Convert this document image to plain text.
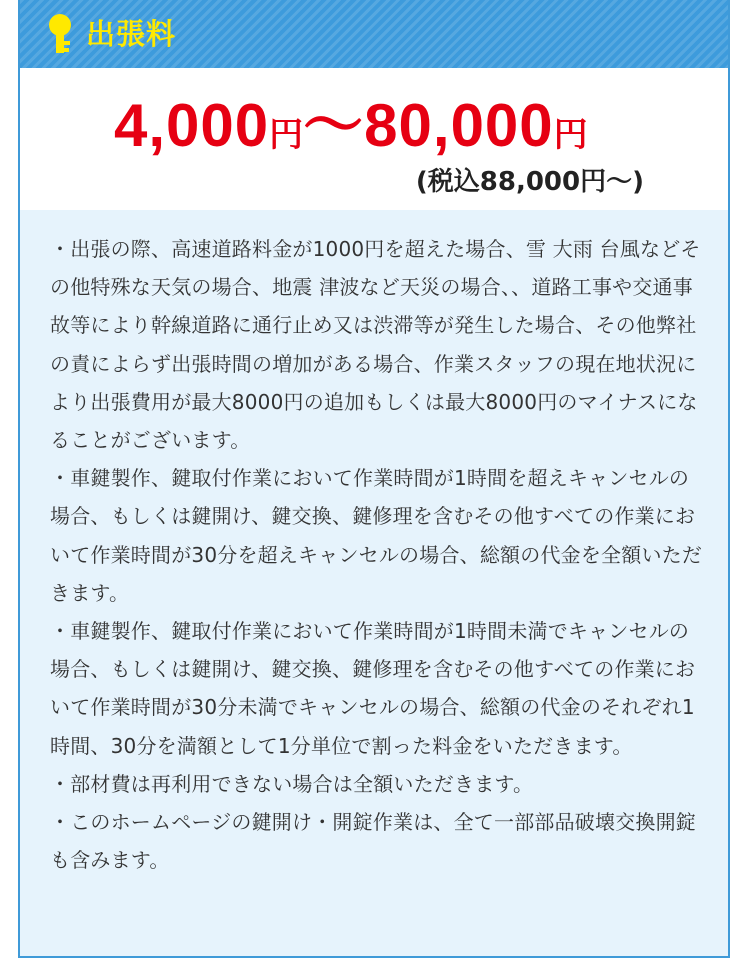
出張料
4,000円～80,000円
(税込88,000円～)

・出張の際、高速道路料金が1000円を超えた場合、雪 大雨 台風などその他特殊な天気の場合、地震 津波など天災の場合、、道路工事や交通事故等により幹線道路に通行止め又は渋滞等が発生した場合、その他弊社の責によらず出張時間の増加がある場合、作業スタッフの現在地状況により出張費用が最大8000円の追加もしくは最大8000円のマイナスになることがございます。

・車鍵製作、鍵取付作業において作業時間が1時間を超えキャンセルの場合、もしくは鍵開け、鍵交換、鍵修理を含むその他すべての作業において作業時間が30分を超えキャンセルの場合、総額の代金を全額いただきます。

・車鍵製作、鍵取付作業において作業時間が1時間未満でキャンセルの場合、もしくは鍵開け、鍵交換、鍵修理を含むその他すべての作業において作業時間が30分未満でキャンセルの場合、総額の代金のそれぞれ1時間、30分を満額として1分単位で割った料金をいただきます。

・部材費は再利用できない場合は全額いただきます。

・このホームページの鍵開け・開錠作業は、全て一部部品破壊交換開錠も含みます。
